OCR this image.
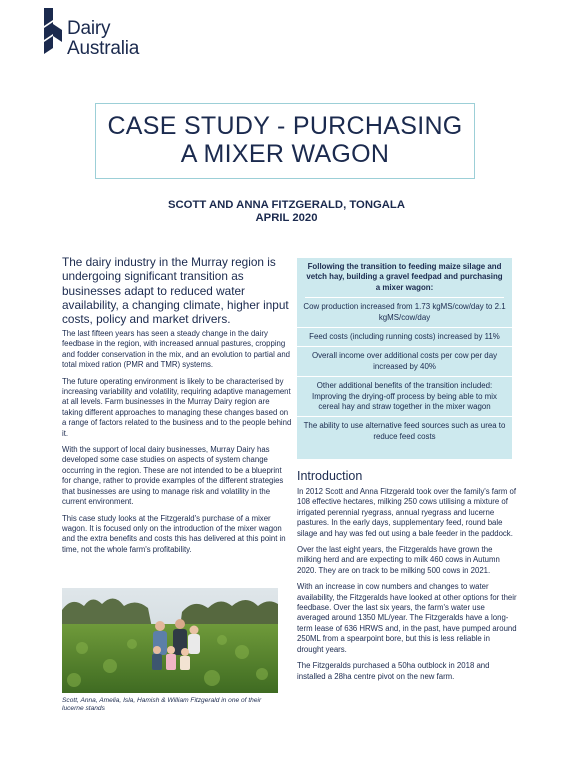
Dairy
Australia
CASE STUDY - PURCHASING
A MIXER WAGON
SCOTT AND ANNA FITZGERALD, TONGALA
APRIL 2020
The dairy industry in the Murray region is undergoing significant transition as businesses adapt to reduced water availability, a changing climate, higher input costs, policy and market drivers.

The last fifteen years has seen a steady change in the dairy feedbase in the region, with increased annual pastures, cropping and fodder conservation in the mix, and an evolution to partial and total mixed ration (PMR and TMR) systems.

The future operating environment is likely to be characterised by increasing variability and volatility, requiring adaptive management at all levels. Farm businesses in the Murray Dairy region are taking different approaches to managing these changes based on a range of factors related to the business and to the people behind it.

With the support of local dairy businesses, Murray Dairy has developed some case studies on aspects of system change occurring in the region. These are not intended to be a blueprint for change, rather to provide examples of the different strategies that businesses are using to manage risk and volatility in the current environment.

This case study looks at the Fitzgerald's purchase of a mixer wagon. It is focused only on the introduction of the mixer wagon and the extra benefits and costs this has delivered at this point in time, not the whole farm's profitability.

Scott, Anna, Amelia, Isla, Hamish & William Fitzgerald in one of their lucerne stands
Following the transition to feeding maize silage and vetch hay, building a gravel feedpad and purchasing a mixer wagon:
Cow production increased from 1.73 kgMS/cow/day to 2.1 kgMS/cow/day
Feed costs (including running costs) increased by 11%
Overall income over additional costs per cow per day increased by 40%
Other additional benefits of the transition included: Improving the drying-off process by being able to mix cereal hay and straw together in the mixer wagon
The ability to use alternative feed sources such as urea to reduce feed costs
Introduction

In 2012 Scott and Anna Fitzgerald took over the family's farm of 108 effective hectares, milking 250 cows utilising a mixture of irrigated perennial ryegrass, annual ryegrass and lucerne pastures. In the early days, supplementary feed, round bale silage and hay was fed out using a bale feeder in the paddock.

Over the last eight years, the Fitzgeralds have grown the milking herd and are expecting to milk 460 cows in Autumn 2020. They are on track to be milking 500 cows in 2021.

With an increase in cow numbers and changes to water availability, the Fitzgeralds have looked at other options for their feedbase. Over the last six years, the farm's water use averaged around 1350 ML/year. The Fitzgeralds have a long-term lease of 636 HRWS and, in the past, have pumped around 250ML from a spearpoint bore, but this is less reliable in drought years.

The Fitzgeralds purchased a 50ha outblock in 2018 and installed a 28ha centre pivot on the new farm.
